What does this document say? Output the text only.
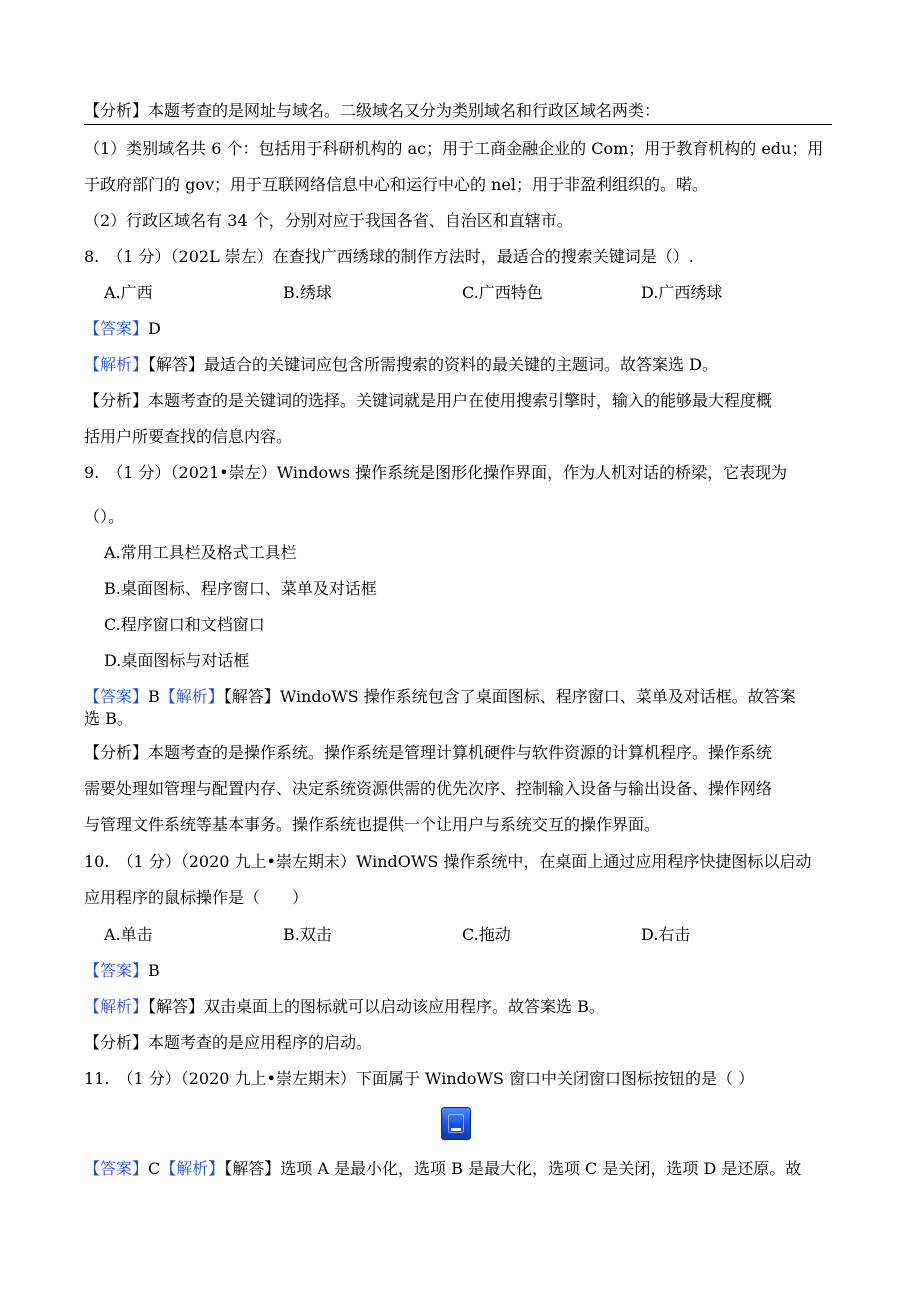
【分析】本题考查的是网址与域名。二级域名又分为类别域名和行政区域名两类：
（1）类别域名共 6 个：包括用于科研机构的 ac；用于工商金融企业的 Com；用于教育机构的 edu；用
于政府部门的 gov；用于互联网络信息中心和运行中心的 nel；用于非盈利组织的。喏。
（2）行政区域名有 34 个，分别对应于我国各省、自治区和直辖市。
8.　（1 分）（202L 崇左）在查找广西绣球的制作方法时，最适合的搜索关键词是（）.
A.广西	B.绣球	C.广西特色	D.广西绣球
【答案】D
【解析】【解答】最适合的关键词应包含所需搜索的资料的最关键的主题词。故答案选 D。
【分析】本题考查的是关键词的选择。关键词就是用户在使用搜索引擎时，输入的能够最大程度概
括用户所要查找的信息内容。
9.　（1 分）（2021•崇左）Windows 操作系统是图形化操作界面，作为人机对话的桥梁，它表现为
（）。
A.常用工具栏及格式工具栏
B.桌面图标、程序窗口、菜单及对话框
C.程序窗口和文档窗口
D.桌面图标与对话框
【答案】B【解析】【解答】WindoWS 操作系统包含了桌面图标、程序窗口、菜单及对话框。故答案
选 B。
【分析】本题考查的是操作系统。操作系统是管理计算机硬件与软件资源的计算机程序。操作系统
需要处理如管理与配置内存、决定系统资源供需的优先次序、控制输入设备与输出设备、操作网络
与管理文件系统等基本事务。操作系统也提供一个让用户与系统交互的操作界面。
10.　（1 分）（2020 九上•崇左期末）WindOWS 操作系统中，在桌面上通过应用程序快捷图标以启动
应用程序的鼠标操作是（　　）
A.单击	B.双击	C.拖动	D.右击
【答案】B
【解析】【解答】双击桌面上的图标就可以启动该应用程序。故答案选 B。
【分析】本题考查的是应用程序的启动。
11.　（1 分）（2020 九上•崇左期末）下面属于 WindoWS 窗口中关闭窗口图标按钮的是（ ）
【答案】C【解析】【解答】选项 A 是最小化，选项 B 是最大化，选项 C 是关闭，选项 D 是还原。故
